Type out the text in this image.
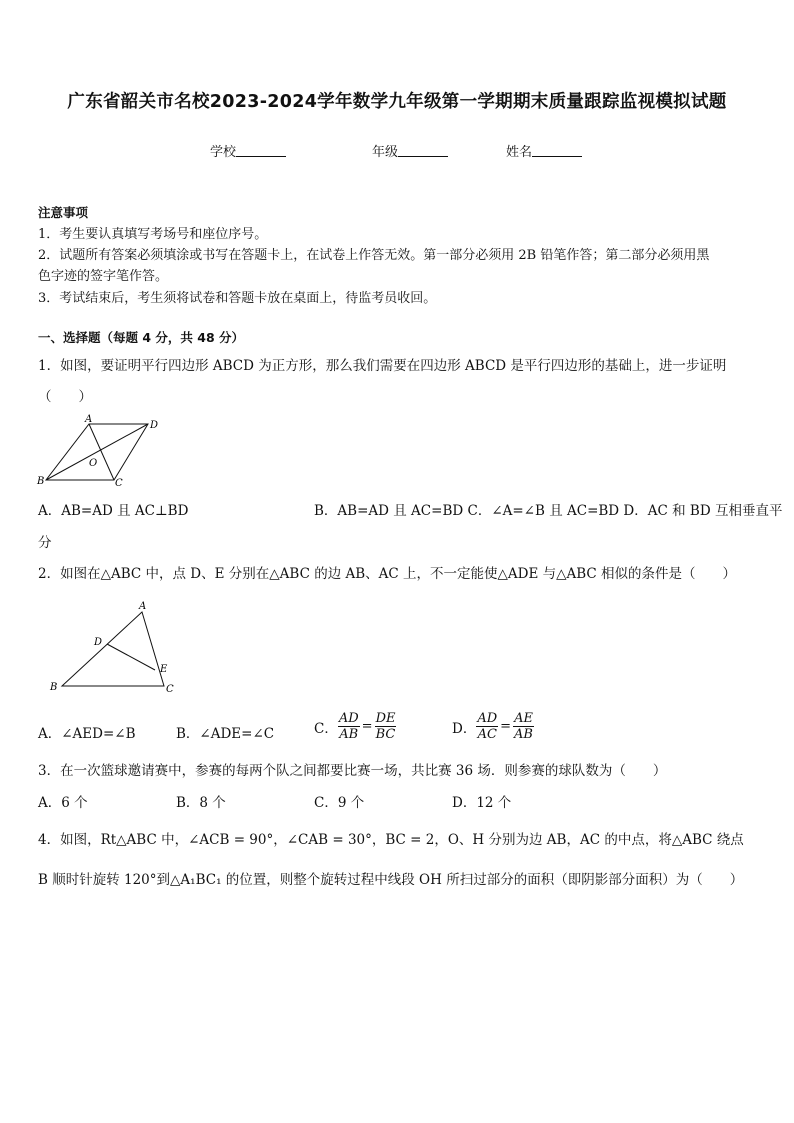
广东省韶关市名校2023-2024学年数学九年级第一学期期末质量跟踪监视模拟试题
学校	年级	姓名
注意事项
1．考生要认真填写考场号和座位序号。
2．试题所有答案必须填涂或书写在答题卡上，在试卷上作答无效。第一部分必须用 2B 铅笔作答；第二部分必须用黑
色字迹的签字笔作答。
3．考试结束后，考生须将试卷和答题卡放在桌面上，待监考员收回。
一、选择题（每题 4 分，共 48 分）
1．如图，要证明平行四边形 ABCD 为正方形，那么我们需要在四边形 ABCD 是平行四边形的基础上，进一步证明
（　　）
A
D
B	C
O
A．AB=AD 且 AC⊥BD	B．AB=AD 且 AC=BD C．∠A=∠B 且 AC=BD D．AC 和 BD 互相垂直平
分
2．如图在△ABC 中，点 D、E 分别在△ABC 的边 AB、AC 上，不一定能使△ADE 与△ABC 相似的条件是（　　）
A
B	C
D
E
A．∠AED=∠B	B．∠ADE=∠C	C． $\frac{AD}{AB} = \frac{DE}{BC}$	D． $\frac{AD}{AC} = \frac{AE}{AB}$
3．在一次篮球邀请赛中，参赛的每两个队之间都要比赛一场，共比赛 36 场．则参赛的球队数为（　　）
A．6 个	B．8 个	C．9 个	D．12 个
4．如图，Rt△ABC 中，∠ACB = 90°，∠CAB = 30°，BC = 2，O、H 分别为边 AB，AC 的中点，将△ABC 绕点
B 顺时针旋转 120°到△A₁BC₁ 的位置，则整个旋转过程中线段 OH 所扫过部分的面积（即阴影部分面积）为（　　）
